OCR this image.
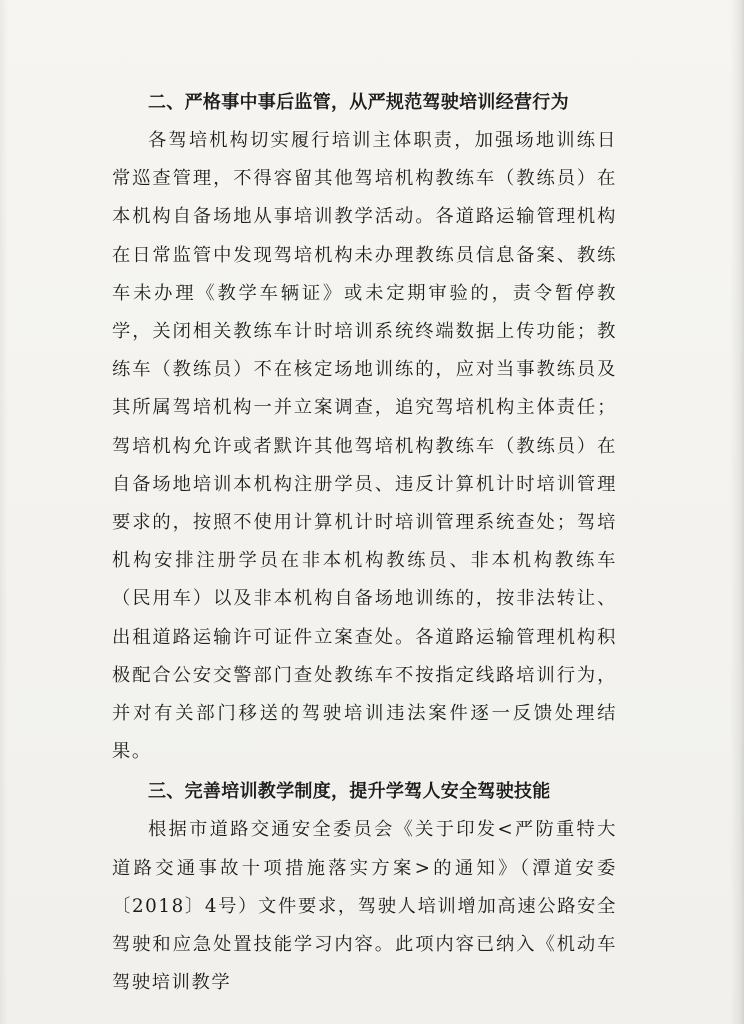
二、严格事中事后监管，从严规范驾驶培训经营行为

各驾培机构切实履行培训主体职责，加强场地训练日常巡查管理，不得容留其他驾培机构教练车（教练员）在本机构自备场地从事培训教学活动。各道路运输管理机构在日常监管中发现驾培机构未办理教练员信息备案、教练车未办理《教学车辆证》或未定期审验的，责令暂停教学，关闭相关教练车计时培训系统终端数据上传功能；教练车（教练员）不在核定场地训练的，应对当事教练员及其所属驾培机构一并立案调查，追究驾培机构主体责任；驾培机构允许或者默许其他驾培机构教练车（教练员）在自备场地培训本机构注册学员、违反计算机计时培训管理要求的，按照不使用计算机计时培训管理系统查处；驾培机构安排注册学员在非本机构教练员、非本机构教练车（民用车）以及非本机构自备场地训练的，按非法转让、出租道路运输许可证件立案查处。各道路运输管理机构积极配合公安交警部门查处教练车不按指定线路培训行为，并对有关部门移送的驾驶培训违法案件逐一反馈处理结果。

三、完善培训教学制度，提升学驾人安全驾驶技能

根据市道路交通安全委员会《关于印发<严防重特大道路交通事故十项措施落实方案>的通知》（潭道安委〔2018〕4号）文件要求，驾驶人培训增加高速公路安全驾驶和应急处置技能学习内容。此项内容已纳入《机动车驾驶培训教学
